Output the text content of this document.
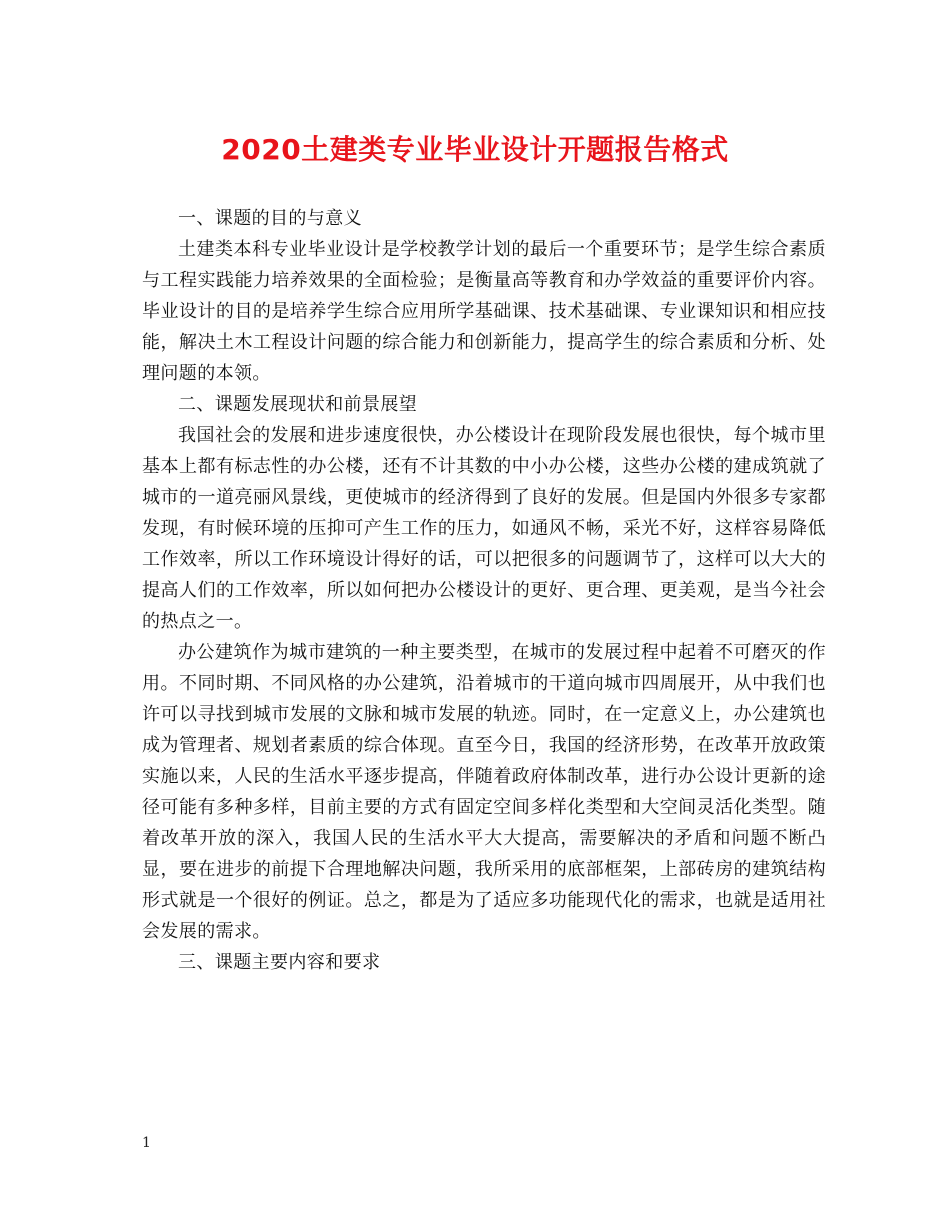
2020土建类专业毕业设计开题报告格式

一、课题的目的与意义

土建类本科专业毕业设计是学校教学计划的最后一个重要环节；是学生综合素质与工程实践能力培养效果的全面检验；是衡量高等教育和办学效益的重要评价内容。毕业设计的目的是培养学生综合应用所学基础课、技术基础课、专业课知识和相应技能，解决土木工程设计问题的综合能力和创新能力，提高学生的综合素质和分析、处理问题的本领。

二、课题发展现状和前景展望

我国社会的发展和进步速度很快，办公楼设计在现阶段发展也很快，每个城市里基本上都有标志性的办公楼，还有不计其数的中小办公楼，这些办公楼的建成筑就了城市的一道亮丽风景线，更使城市的经济得到了良好的发展。但是国内外很多专家都发现，有时候环境的压抑可产生工作的压力，如通风不畅，采光不好，这样容易降低工作效率，所以工作环境设计得好的话，可以把很多的问题调节了，这样可以大大的提高人们的工作效率，所以如何把办公楼设计的更好、更合理、更美观，是当今社会的热点之一。

办公建筑作为城市建筑的一种主要类型，在城市的发展过程中起着不可磨灭的作用。不同时期、不同风格的办公建筑，沿着城市的干道向城市四周展开，从中我们也许可以寻找到城市发展的文脉和城市发展的轨迹。同时，在一定意义上，办公建筑也成为管理者、规划者素质的综合体现。直至今日，我国的经济形势，在改革开放政策实施以来，人民的生活水平逐步提高，伴随着政府体制改革，进行办公设计更新的途径可能有多种多样，目前主要的方式有固定空间多样化类型和大空间灵活化类型。随着改革开放的深入，我国人民的生活水平大大提高，需要解决的矛盾和问题不断凸显，要在进步的前提下合理地解决问题，我所采用的底部框架，上部砖房的建筑结构形式就是一个很好的例证。总之，都是为了适应多功能现代化的需求，也就是适用社会发展的需求。

三、课题主要内容和要求

1
